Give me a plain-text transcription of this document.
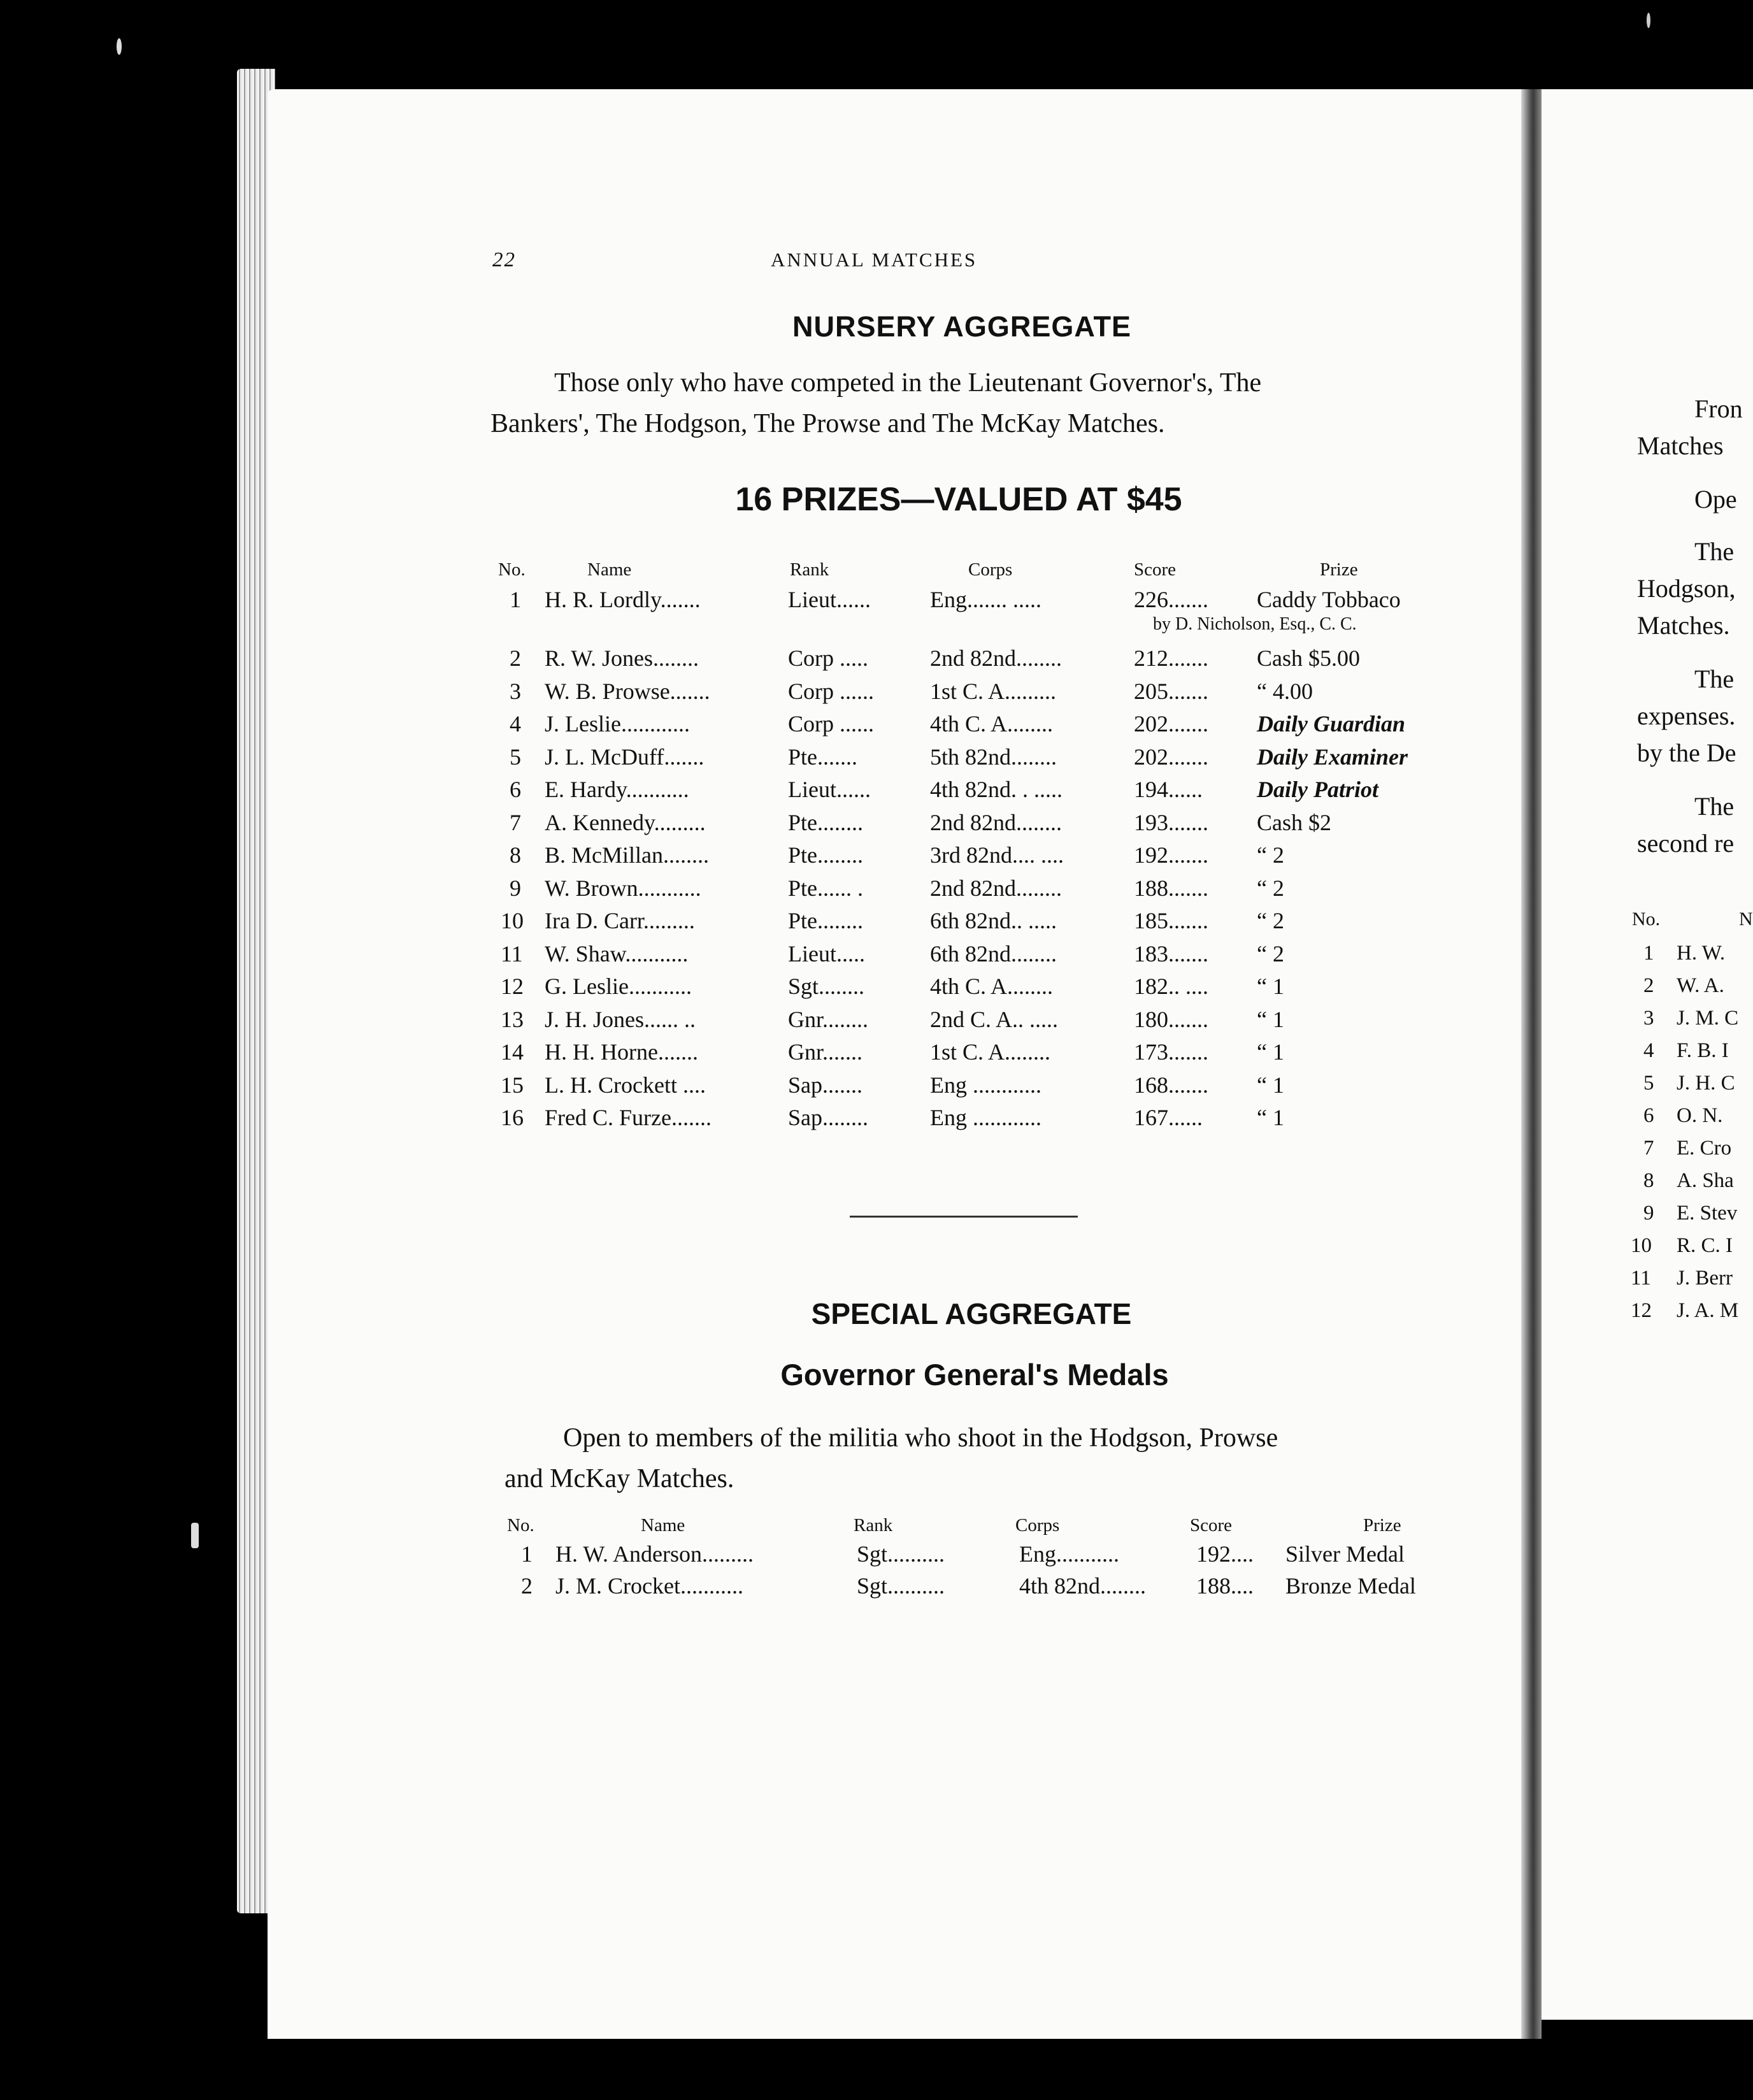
Fron
Matches
Ope
The
Hodgson,
Matches.
The
expenses.
by the De
The
second re
No.	N
1 H. W.
2 W. A.
3 J. M. C
4 F. B. I
5 J. H. C
6 O. N.
7 E. Cro
8 A. Sha
9 E. Stev
10 R. C. I
11 J. Berr
12 J. A. M
22	ANNUAL MATCHES
NURSERY AGGREGATE
Those only who have competed in the Lieutenant Governor's, The
Bankers', The Hodgson, The Prowse and The McKay Matches.
16 PRIZES—VALUED AT $45
No.	Name	Rank	Corps	Score	Prize
1 H. R. Lordly.......	Lieut......	Eng....... .....	226....... Caddy Tobbaco
by D. Nicholson, Esq., C. C.
2 R. W. Jones........	Corp .....	2nd 82nd........	212....... Cash $5.00
3 W. B. Prowse.......	Corp ...... 1st C. A.........	205....... “ 4.00
4 J. Leslie............	Corp ...... 4th C. A........	202....... Daily Guardian
5 J. L. McDuff.......	Pte.......	5th 82nd........	202....... Daily Examiner
6 E. Hardy...........	Lieut......	4th 82nd. . .....	194...... Daily Patriot
7 A. Kennedy.........	Pte........	2nd 82nd........	193....... Cash $2
8 B. McMillan........	Pte........	3rd 82nd.... ....	192....... “ 2
9 W. Brown...........	Pte...... .	2nd 82nd........	188....... “ 2
10 Ira D. Carr.........	Pte........	6th 82nd.. .....	185....... “ 2
11 W. Shaw...........	Lieut.....	6th 82nd........	183....... “ 2
12 G. Leslie...........	Sgt........	4th C. A........	182.. .... “ 1
13 J. H. Jones...... ..	Gnr........	2nd C. A.. .....	180....... “ 1
14 H. H. Horne.......	Gnr.......	1st C. A........	173....... “ 1
15 L. H. Crockett ....	Sap.......	Eng ............	168....... “ 1
16 Fred C. Furze.......	Sap........	Eng ............	167...... “ 1
SPECIAL AGGREGATE
Governor General's Medals
Open to members of the militia who shoot in the Hodgson, Prowse
and McKay Matches.
No.	Name	Rank	Corps	Score	Prize
1 H. W. Anderson.........	Sgt..........	Eng...........	192.... Silver Medal
2 J. M. Crocket...........	Sgt..........	4th 82nd........ 188.... Bronze Medal
